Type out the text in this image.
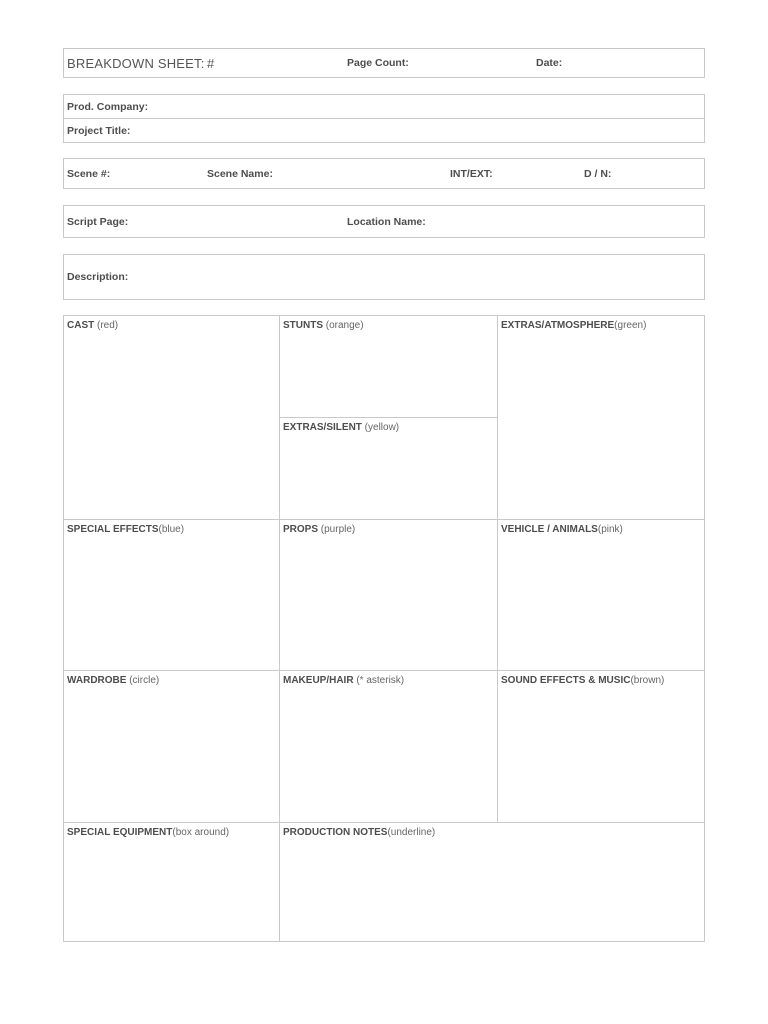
BREAKDOWN SHEET: #	Page Count:	Date:
Prod. Company:
Project Title:
Scene #:	Scene Name:	INT/EXT:	D / N:
Script Page:	Location Name:
Description:
CAST (red)	STUNTS (orange)
EXTRAS/SILENT (yellow)
EXTRAS/ATMOSPHERE(green)
SPECIAL EFFECTS(blue)	PROPS (purple)	VEHICLE / ANIMALS(pink)
WARDROBE (circle)	MAKEUP/HAIR (* asterisk)	SOUND EFFECTS & MUSIC(brown)
SPECIAL EQUIPMENT(box around)	PRODUCTION NOTES(underline)
